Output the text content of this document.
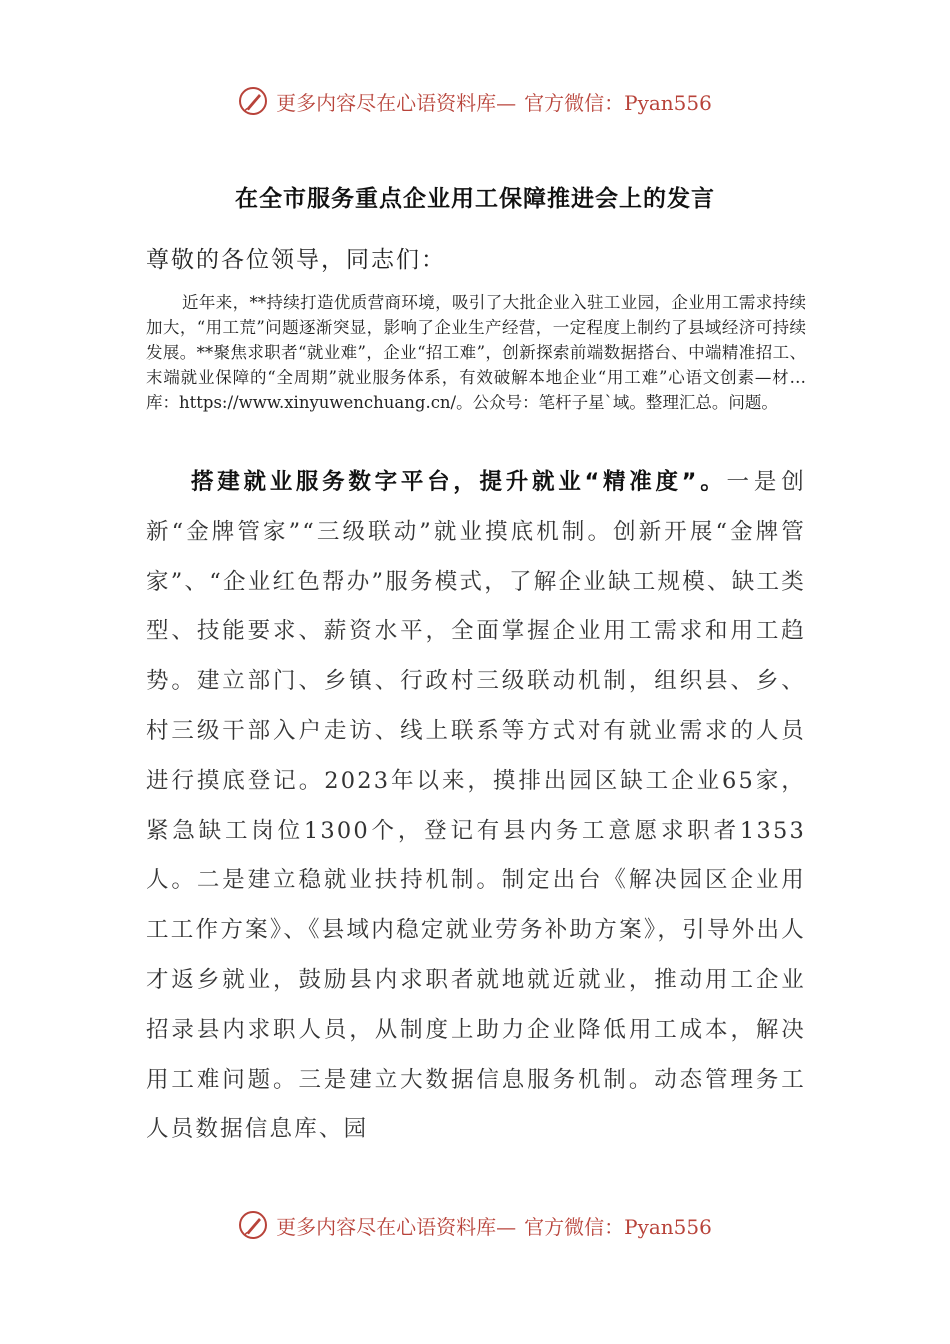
更多内容尽在心语资料库— 官方微信：Pyan556
在全市服务重点企业用工保障推进会上的发言
尊敬的各位领导，同志们：
近年来，**持续打造优质营商环境，吸引了大批企业入驻工业园，企业用工需求持续加大，“用工荒”问题逐渐突显，影响了企业生产经营，一定程度上制约了县域经济可持续发展。**聚焦求职者“就业难”，企业“招工难”，创新探索前端数据搭台、中端精准招工、末端就业保障的“全周期”就业服务体系，有效破解本地企业“用工难”心语文创素—材…库：https://www.xinyuwenchuang.cn/。公众号：笔杆子星`域。整理汇总。问题。
搭建就业服务数字平台，提升就业“精准度”。一是创新“金牌管家”“三级联动”就业摸底机制。创新开展“金牌管家”、“企业红色帮办”服务模式，了解企业缺工规模、缺工类型、技能要求、薪资水平，全面掌握企业用工需求和用工趋势。建立部门、乡镇、行政村三级联动机制，组织县、乡、村三级干部入户走访、线上联系等方式对有就业需求的人员进行摸底登记。2023年以来，摸排出园区缺工企业65家，紧急缺工岗位1300个，登记有县内务工意愿求职者1353人。二是建立稳就业扶持机制。制定出台《解决园区企业用工工作方案》、《县域内稳定就业劳务补助方案》，引导外出人才返乡就业，鼓励县内求职者就地就近就业，推动用工企业招录县内求职人员，从制度上助力企业降低用工成本，解决用工难问题。三是建立大数据信息服务机制。动态管理务工人员数据信息库、园
更多内容尽在心语资料库— 官方微信：Pyan556
